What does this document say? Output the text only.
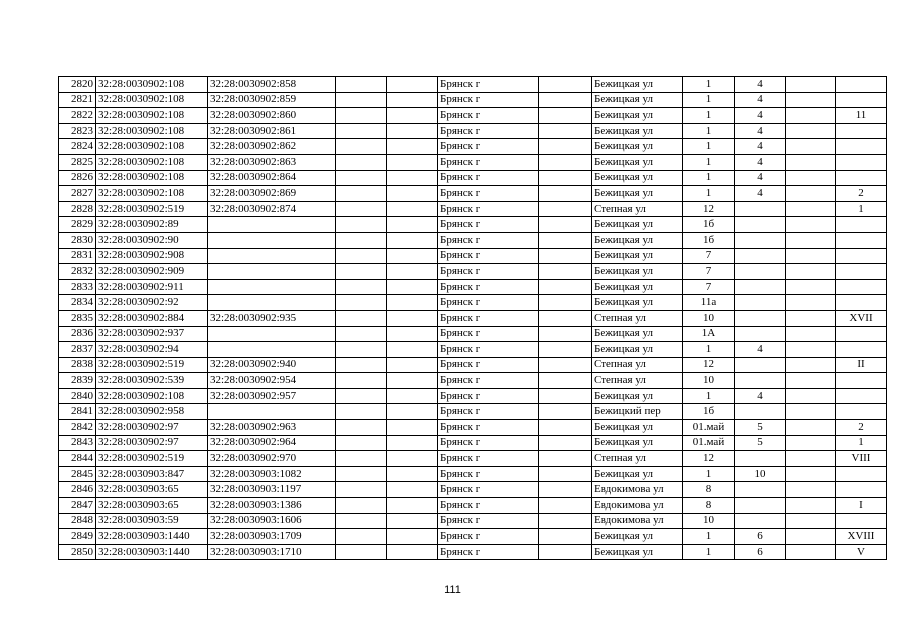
2820	32:28:0030902:108	32:28:0030902:858			Брянск г		Бежицкая ул	1	4		
2821	32:28:0030902:108	32:28:0030902:859			Брянск г		Бежицкая ул	1	4		
2822	32:28:0030902:108	32:28:0030902:860			Брянск г		Бежицкая ул	1	4		11
2823	32:28:0030902:108	32:28:0030902:861			Брянск г		Бежицкая ул	1	4		
2824	32:28:0030902:108	32:28:0030902:862			Брянск г		Бежицкая ул	1	4		
2825	32:28:0030902:108	32:28:0030902:863			Брянск г		Бежицкая ул	1	4		
2826	32:28:0030902:108	32:28:0030902:864			Брянск г		Бежицкая ул	1	4		
2827	32:28:0030902:108	32:28:0030902:869			Брянск г		Бежицкая ул	1	4		2
2828	32:28:0030902:519	32:28:0030902:874			Брянск г		Степная ул	12			1
2829	32:28:0030902:89				Брянск г		Бежицкая ул	1б			
2830	32:28:0030902:90				Брянск г		Бежицкая ул	1б			
2831	32:28:0030902:908				Брянск г		Бежицкая ул	7			
2832	32:28:0030902:909				Брянск г		Бежицкая ул	7			
2833	32:28:0030902:911				Брянск г		Бежицкая ул	7			
2834	32:28:0030902:92				Брянск г		Бежицкая ул	11а			
2835	32:28:0030902:884	32:28:0030902:935			Брянск г		Степная ул	10			XVII
2836	32:28:0030902:937				Брянск г		Бежицкая ул	1А			
2837	32:28:0030902:94				Брянск г		Бежицкая ул	1	4		
2838	32:28:0030902:519	32:28:0030902:940			Брянск г		Степная ул	12			II
2839	32:28:0030902:539	32:28:0030902:954			Брянск г		Степная ул	10			
2840	32:28:0030902:108	32:28:0030902:957			Брянск г		Бежицкая ул	1	4		
2841	32:28:0030902:958				Брянск г		Бежицкий пер	1б			
2842	32:28:0030902:97	32:28:0030902:963			Брянск г		Бежицкая ул	01.май	5		2
2843	32:28:0030902:97	32:28:0030902:964			Брянск г		Бежицкая ул	01.май	5		1
2844	32:28:0030902:519	32:28:0030902:970			Брянск г		Степная ул	12			VIII
2845	32:28:0030903:847	32:28:0030903:1082			Брянск г		Бежицкая ул	1	10		
2846	32:28:0030903:65	32:28:0030903:1197			Брянск г		Евдокимова ул	8			
2847	32:28:0030903:65	32:28:0030903:1386			Брянск г		Евдокимова ул	8			I
2848	32:28:0030903:59	32:28:0030903:1606			Брянск г		Евдокимова ул	10			
2849	32:28:0030903:1440	32:28:0030903:1709			Брянск г		Бежицкая ул	1	6		XVIII
2850	32:28:0030903:1440	32:28:0030903:1710			Брянск г		Бежицкая ул	1	6		V
111
